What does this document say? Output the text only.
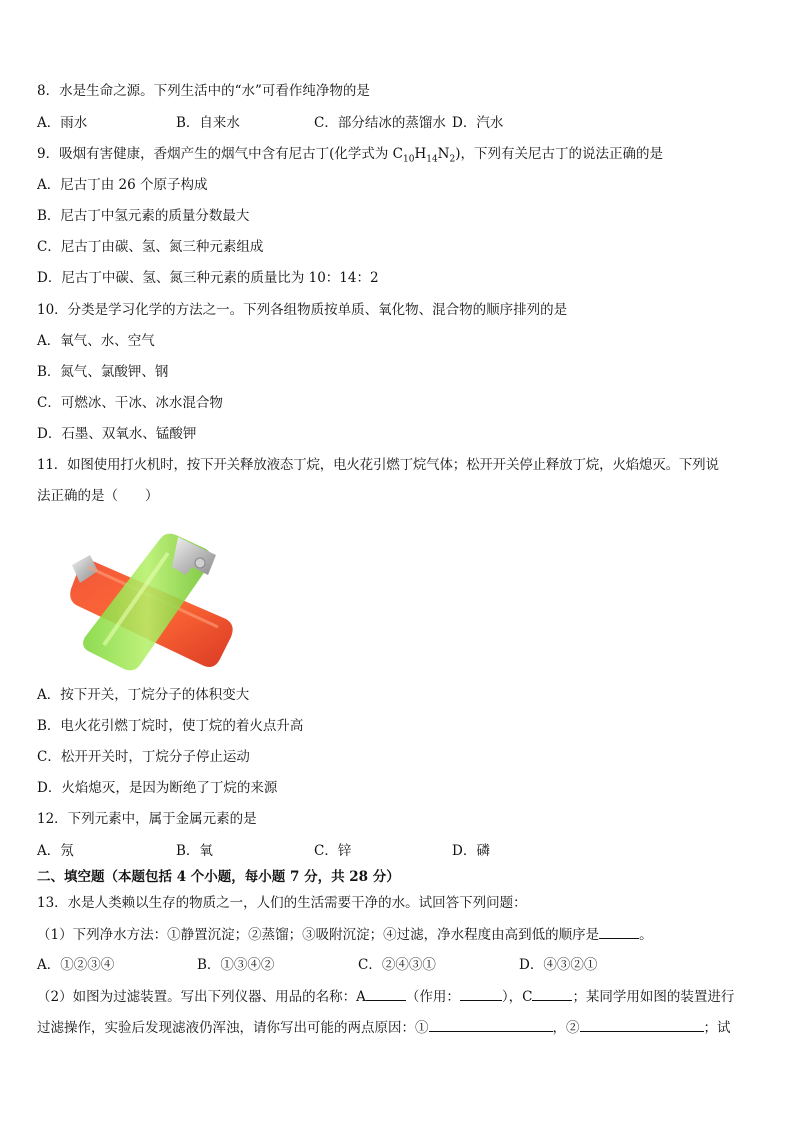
8．水是生命之源。下列生活中的“水”可看作纯净物的是
A．雨水	B．自来水	C．部分结冰的蒸馏水 D．汽水
9．吸烟有害健康，香烟产生的烟气中含有尼古丁(化学式为 $C_{10}H_{14}N_2$)，下列有关尼古丁的说法正确的是
A．尼古丁由 26 个原子构成
B．尼古丁中氢元素的质量分数最大
C．尼古丁由碳、氢、氮三种元素组成
D．尼古丁中碳、氢、氮三种元素的质量比为 10：14：2
10．分类是学习化学的方法之一。下列各组物质按单质、氧化物、混合物的顺序排列的是
A．氧气、水、空气
B．氮气、氯酸钾、钢
C．可燃冰、干冰、冰水混合物
D．石墨、双氧水、锰酸钾
11．如图使用打火机时，按下开关释放液态丁烷，电火花引燃丁烷气体；松开开关停止释放丁烷，火焰熄灭。下列说
法正确的是（　　）
A．按下开关，丁烷分子的体积变大
B．电火花引燃丁烷时，使丁烷的着火点升高
C．松开开关时，丁烷分子停止运动
D．火焰熄灭，是因为断绝了丁烷的来源
12．下列元素中，属于金属元素的是
A．氖	B．氧	C．锌	D．磷
二、填空题（本题包括 4 个小题，每小题 7 分，共 28 分）
13．水是人类赖以生存的物质之一，人们的生活需要干净的水。试回答下列问题：
（1）下列净水方法：①静置沉淀；②蒸馏；③吸附沉淀；④过滤，净水程度由高到低的顺序是	。
A．①②③④	B．①③④②	C．②④③①	D．④③②①
（2）如图为过滤装置。写出下列仪器、用品的名称：A	（作用：	），C	；某同学用如图的装置进行
过滤操作，实验后发现滤液仍浑浊，请你写出可能的两点原因：①	，②	；试
